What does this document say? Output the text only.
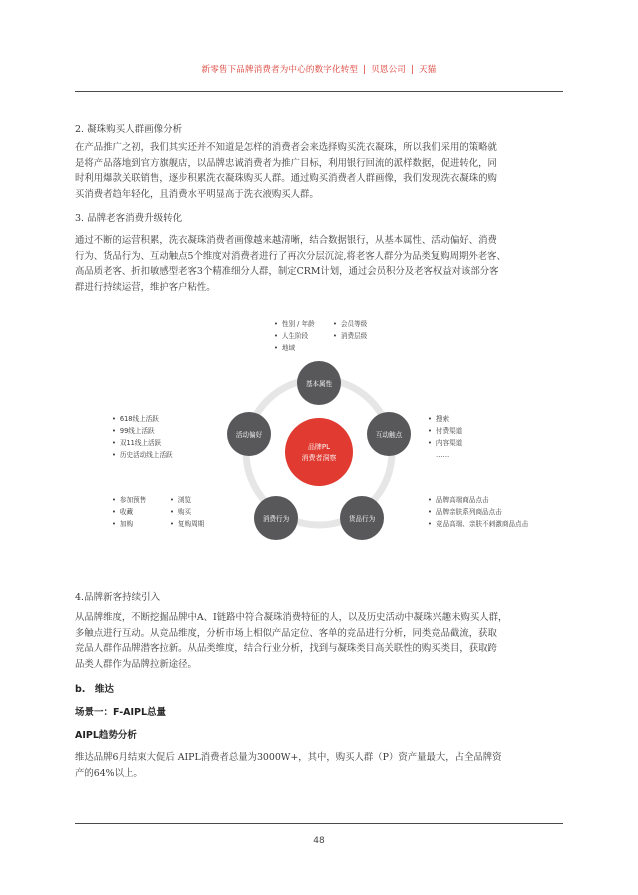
新零售下品牌消费者为中心的数字化转型 | 贝恩公司 | 天猫
2. 凝珠购买人群画像分析
在产品推广之初，我们其实还并不知道是怎样的消费者会来选择购买洗衣凝珠，所以我们采用的策略就
是将产品落地到官方旗舰店，以品牌忠诚消费者为推广目标，利用银行回流的派样数据，促进转化，同
时利用爆款关联销售，逐步积累洗衣凝珠购买人群。通过购买消费者人群画像，我们发现洗衣凝珠的购
买消费者趋年轻化，且消费水平明显高于洗衣液购买人群。
3. 品牌老客消费升级转化
通过不断的运营积累，洗衣凝珠消费者画像越来越清晰，结合数据银行，从基本属性、活动偏好、消费
行为、货品行为、互动触点5个维度对消费者进行了再次分层沉淀,将老客人群分为品类复购周期外老客、
高品质老客、折扣敏感型老客3个精准细分人群，制定CRM计划，通过会员积分及老客权益对该部分客
群进行持续运营，维护客户粘性。
品牌PL
消费者洞察
基本属性
互动触点
货品行为
消费行为
活动偏好
• 性别 / 年龄
• 人生阶段
• 地域
• 会员等级
• 消费层级
• 搜索
• 付费渠道
• 内容渠道
……
• 618线上活跃
• 99线上活跃
• 双11线上活跃
• 历史活动线上活跃
• 参加预售
• 收藏
• 加购
• 浏览
• 购买
• 复购周期
• 品牌高端商品点击
• 品牌亲肤系列商品点击
• 竞品高端、亲肤不刺激商品点击
4.品牌新客持续引入
从品牌维度，不断挖掘品牌中A、I链路中符合凝珠消费特征的人，以及历史活动中凝珠兴趣未购买人群，
多触点进行互动。从竞品维度，分析市场上相似产品定位、客单的竞品进行分析，同类竞品截流，获取
竞品人群作品牌潜客拉新。从品类维度，结合行业分析，找到与凝珠类目高关联性的购买类目，获取跨
品类人群作为品牌拉新途径。
b.　维达
场景一：F-AIPL总量
AIPL趋势分析
维达品牌6月结束大促后 AIPL消费者总量为3000W+，其中，购买人群（P）资产量最大，占全品牌资
产的64%以上。
48
